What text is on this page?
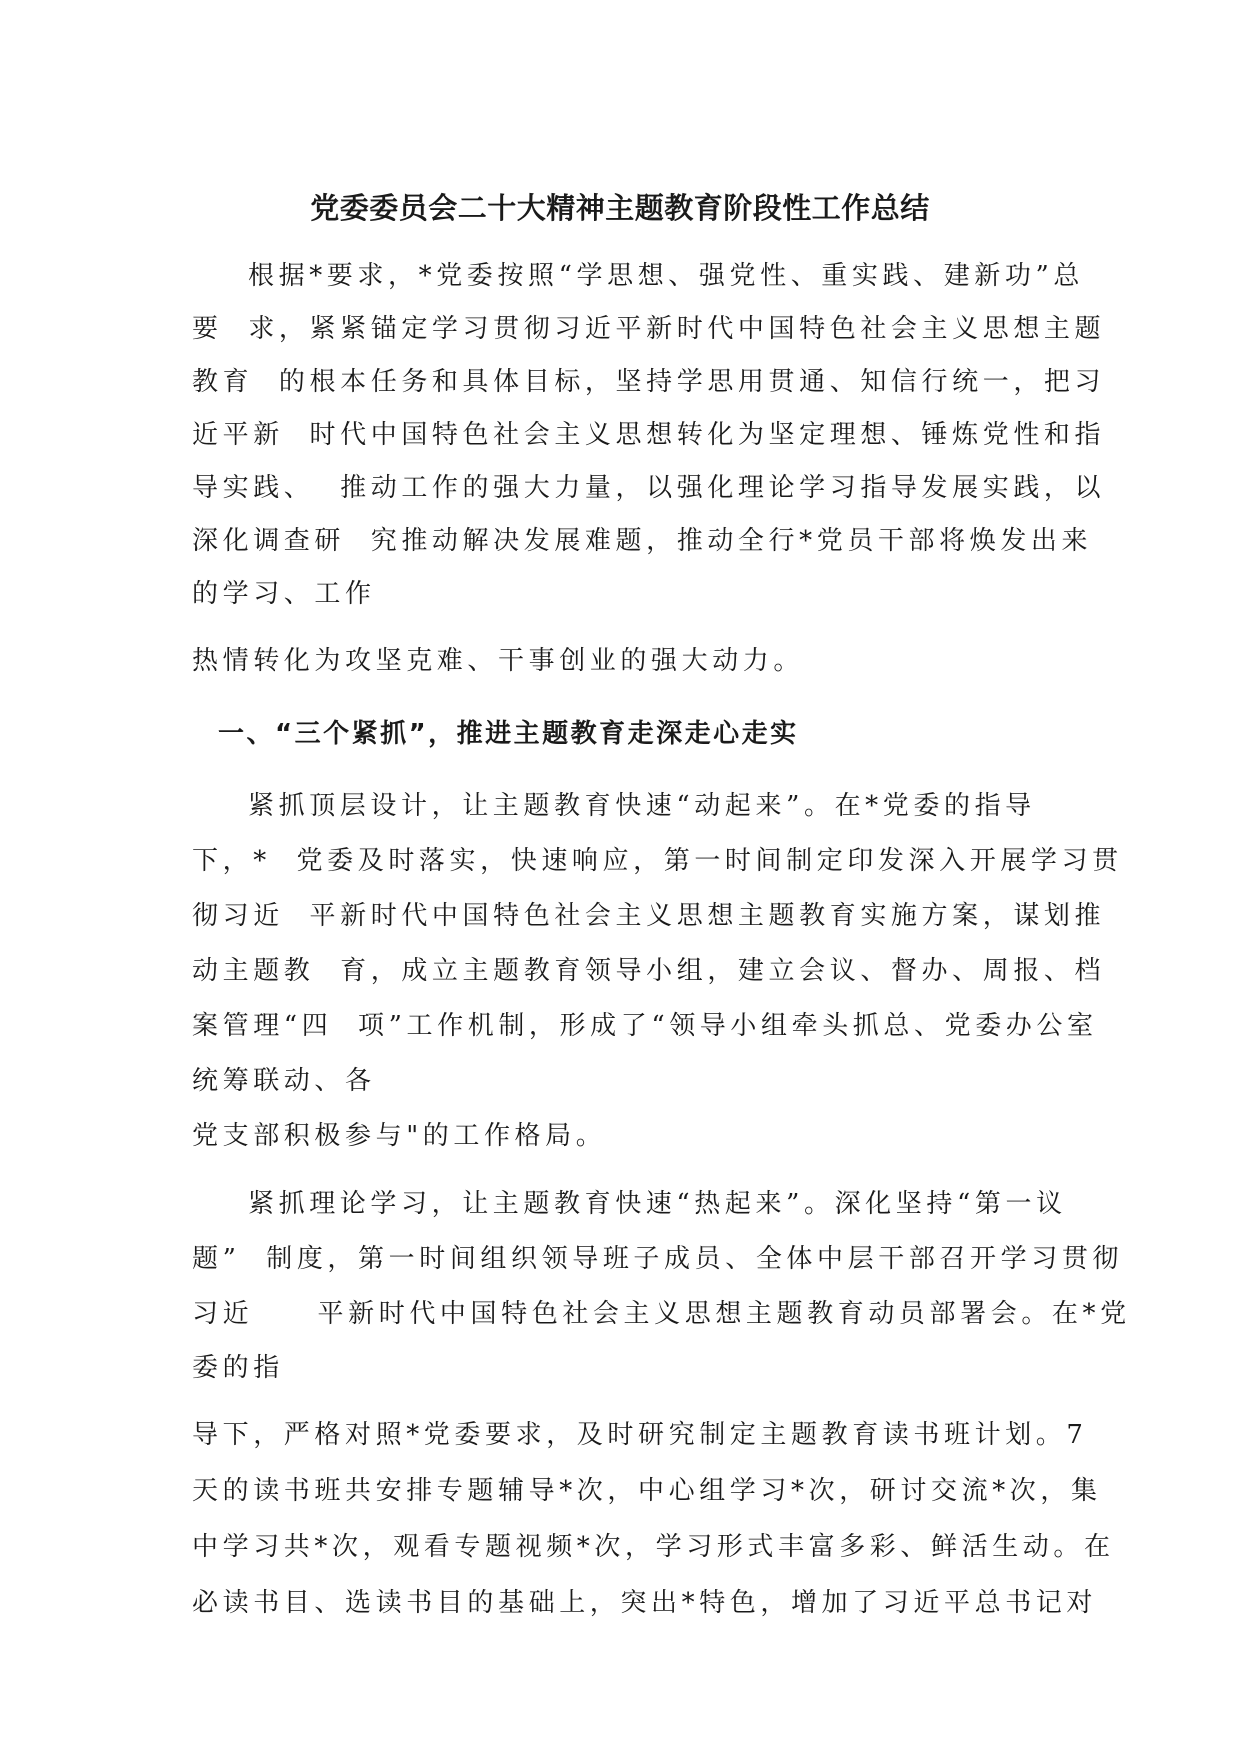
党委委员会二十大精神主题教育阶段性工作总结
根据*要求，*党委按照“学思想、强党性、重实践、建新功”总
要  求，紧紧锚定学习贯彻习近平新时代中国特色社会主义思想主题
教育  的根本任务和具体目标，坚持学思用贯通、知信行统一，把习
近平新  时代中国特色社会主义思想转化为坚定理想、锤炼党性和指
导实践、  推动工作的强大力量，以强化理论学习指导发展实践，以
深化调查研  究推动解决发展难题，推动全行*党员干部将焕发出来
的学习、工作
热情转化为攻坚克难、干事创业的强大动力。
一、“三个紧抓”，推进主题教育走深走心走实
紧抓顶层设计，让主题教育快速“动起来”。在*党委的指导
下，*  党委及时落实，快速响应，第一时间制定印发深入开展学习贯
彻习近  平新时代中国特色社会主义思想主题教育实施方案，谋划推
动主题教  育，成立主题教育领导小组，建立会议、督办、周报、档
案管理“四  项”工作机制，形成了“领导小组牵头抓总、党委办公室
统筹联动、各
党支部积极参与"的工作格局。
紧抓理论学习，让主题教育快速“热起来”。深化坚持“第一议
题”  制度，第一时间组织领导班子成员、全体中层干部召开学习贯彻
习近     平新时代中国特色社会主义思想主题教育动员部署会。在*党
委的指
导下，严格对照*党委要求，及时研究制定主题教育读书班计划。7
天的读书班共安排专题辅导*次，中心组学习*次，研讨交流*次，集
中学习共*次，观看专题视频*次，学习形式丰富多彩、鲜活生动。在
必读书目、选读书目的基础上，突出*特色，增加了习近平总书记对
